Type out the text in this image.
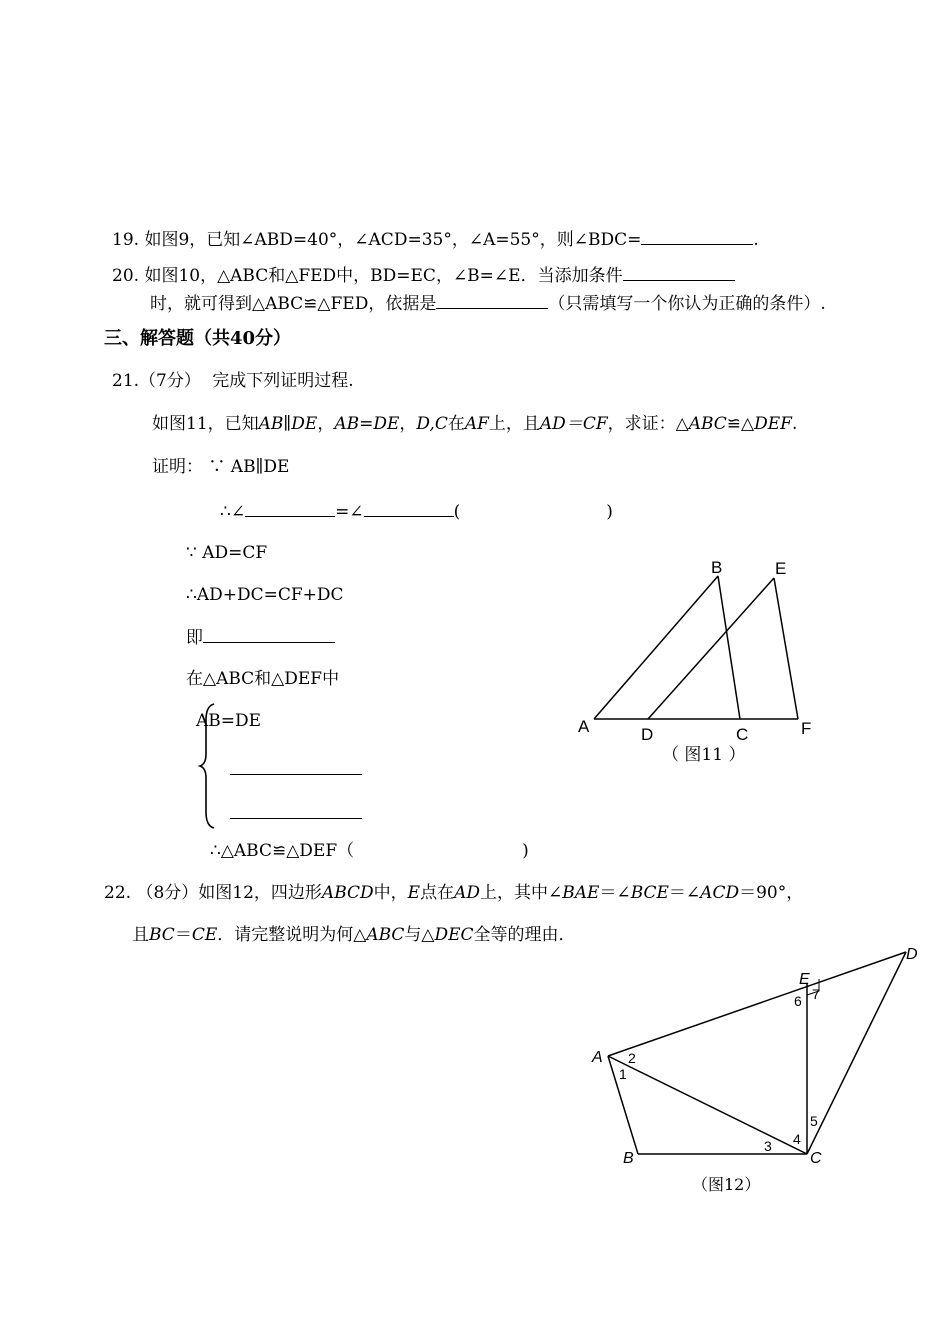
19. 如图9，已知∠ABD=40°，∠ACD=35°，∠A=55°，则∠BDC=	.
20. 如图10，△ABC和△FED中，BD=EC，∠B=∠E．当添加条件
时，就可得到△ABC≌△FED，依据是	（只需填写一个你认为正确的条件）.
三、解答题（共40分）
21.（7分） 完成下列证明过程.
如图11，已知AB∥DE，AB=DE，D,C在AF上，且AD＝CF，求证：△ABC≌△DEF.
证明： ∵ AB∥DE
∴∠	=∠	(	)
∵ AD=CF
∴AD+DC=CF+DC
即
在△ABC和△DEF中
AB=DE
∴△ABC≌△DEF（	)
B	E
A	D	C	F
（ 图11 ）
22. （8分）如图12，四边形ABCD中，E点在AD上，其中∠BAE＝∠BCE＝∠ACD＝90°，
且BC＝CE．请完整说明为何△ABC与△DEC全等的理由．
A
B	C
D
E
1
2
3 4
5
6 7
（图12）
